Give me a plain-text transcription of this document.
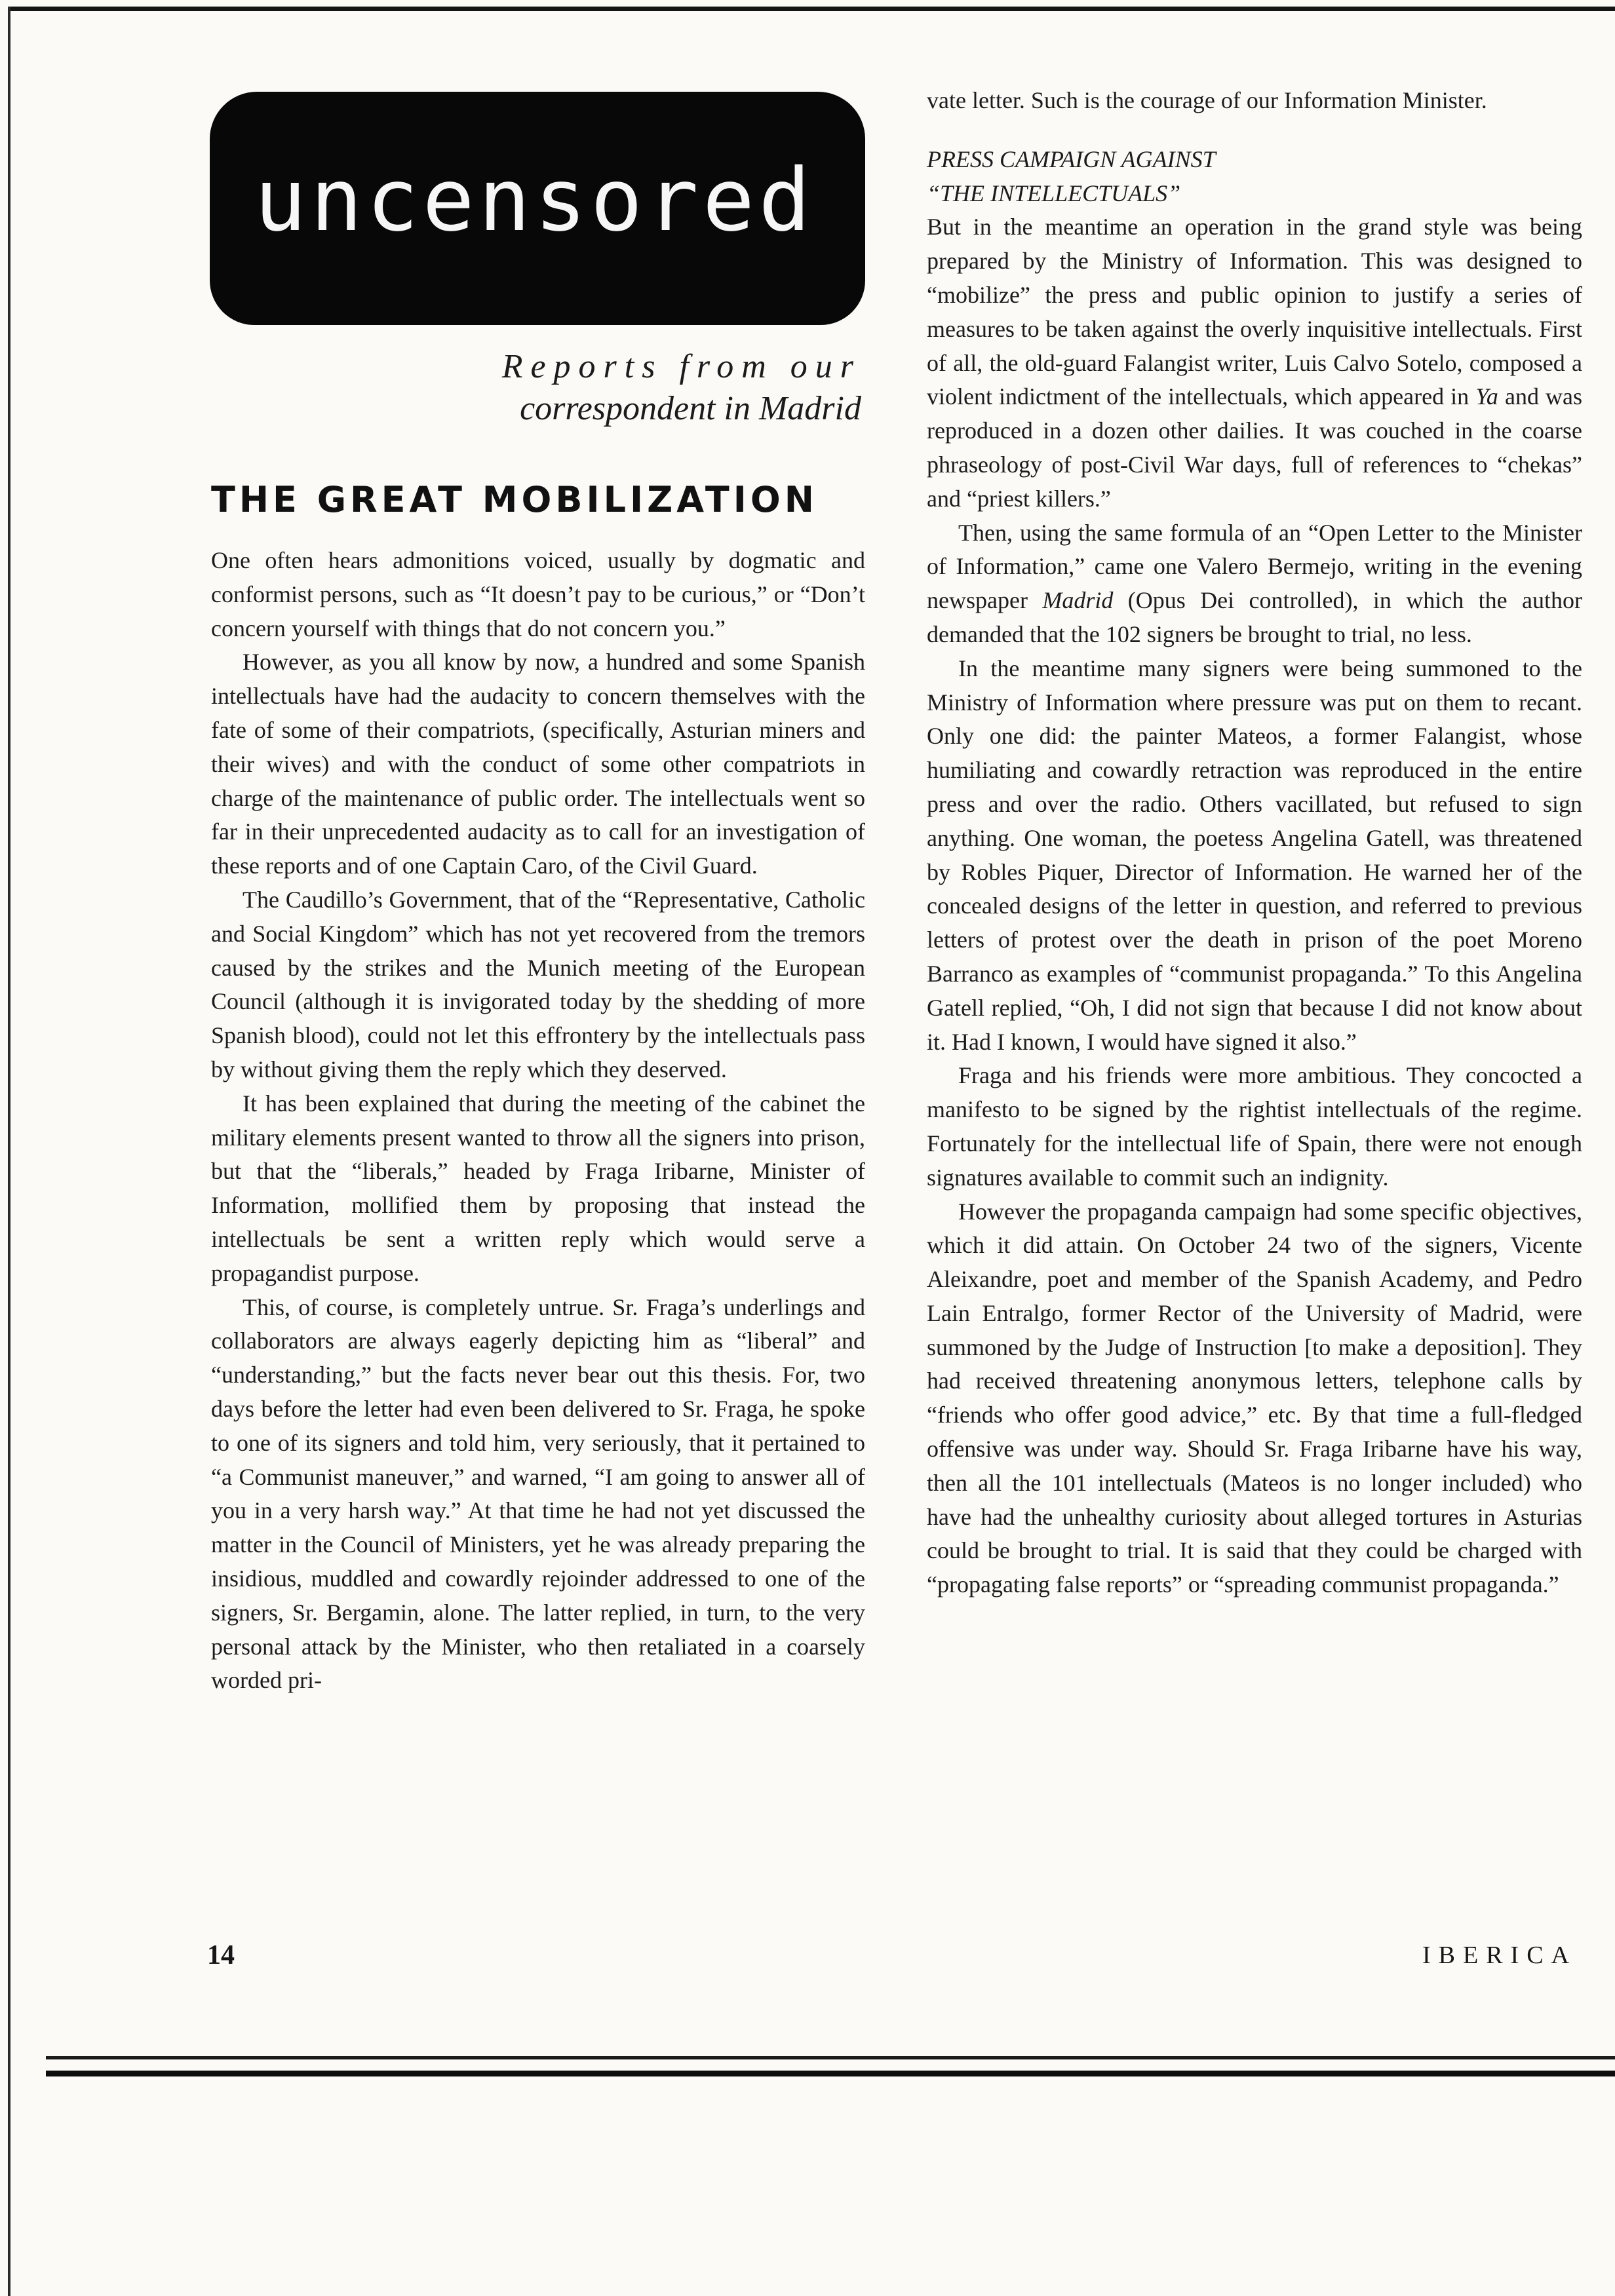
uncensored
Reports from our
correspondent in Madrid
THE GREAT MOBILIZATION

One often hears admonitions voiced, usually by dogmatic and conformist persons, such as “It doesn’t pay to be curious,” or “Don’t concern yourself with things that do not concern you.”

However, as you all know by now, a hundred and some Spanish intellectuals have had the audacity to concern themselves with the fate of some of their compatriots, (specifically, Asturian miners and their wives) and with the conduct of some other compatriots in charge of the maintenance of public order. The intellectuals went so far in their unprecedented audacity as to call for an investigation of these reports and of one Captain Caro, of the Civil Guard.

The Caudillo’s Government, that of the “Representative, Catholic and Social Kingdom” which has not yet recovered from the tremors caused by the strikes and the Munich meeting of the European Council (although it is invigorated today by the shedding of more Spanish blood), could not let this effrontery by the intellectuals pass by without giving them the reply which they deserved.

It has been explained that during the meeting of the cabinet the military elements present wanted to throw all the signers into prison, but that the “liberals,” headed by Fraga Iribarne, Minister of Information, mollified them by proposing that instead the intellectuals be sent a written reply which would serve a propagandist purpose.

This, of course, is completely untrue. Sr. Fraga’s underlings and collaborators are always eagerly depicting him as “liberal” and “understanding,” but the facts never bear out this thesis. For, two days before the letter had even been delivered to Sr. Fraga, he spoke to one of its signers and told him, very seriously, that it pertained to “a Communist maneuver,” and warned, “I am going to answer all of you in a very harsh way.” At that time he had not yet discussed the matter in the Council of Ministers, yet he was already preparing the insidious, muddled and cowardly rejoinder addressed to one of the signers, Sr. Bergamin, alone. The latter replied, in turn, to the very personal attack by the Minister, who then retaliated in a coarsely worded pri-

vate letter. Such is the courage of our Information Minister.

PRESS CAMPAIGN AGAINST
“THE INTELLECTUALS”

But in the meantime an operation in the grand style was being prepared by the Ministry of Information. This was designed to “mobilize” the press and public opinion to justify a series of measures to be taken against the overly inquisitive intellectuals. First of all, the old-guard Falangist writer, Luis Calvo Sotelo, composed a violent indictment of the intellectuals, which appeared in Ya and was reproduced in a dozen other dailies. It was couched in the coarse phraseology of post-Civil War days, full of references to “chekas” and “priest killers.”

Then, using the same formula of an “Open Letter to the Minister of Information,” came one Valero Bermejo, writing in the evening newspaper Madrid (Opus Dei controlled), in which the author demanded that the 102 signers be brought to trial, no less.

In the meantime many signers were being summoned to the Ministry of Information where pressure was put on them to recant. Only one did: the painter Mateos, a former Falangist, whose humiliating and cowardly retraction was reproduced in the entire press and over the radio. Others vacillated, but refused to sign anything. One woman, the poetess Angelina Gatell, was threatened by Robles Piquer, Director of Information. He warned her of the concealed designs of the letter in question, and referred to previous letters of protest over the death in prison of the poet Moreno Barranco as examples of “communist propaganda.” To this Angelina Gatell replied, “Oh, I did not sign that because I did not know about it. Had I known, I would have signed it also.”

Fraga and his friends were more ambitious. They concocted a manifesto to be signed by the rightist intellectuals of the regime. Fortunately for the intellectual life of Spain, there were not enough signatures available to commit such an indignity.

However the propaganda campaign had some specific objectives, which it did attain. On October 24 two of the signers, Vicente Aleixandre, poet and member of the Spanish Academy, and Pedro Lain Entralgo, former Rector of the University of Madrid, were summoned by the Judge of Instruction [to make a deposition]. They had received threatening anonymous letters, telephone calls by “friends who offer good advice,” etc. By that time a full-fledged offensive was under way. Should Sr. Fraga Iribarne have his way, then all the 101 intellectuals (Mateos is no longer included) who have had the unhealthy curiosity about alleged tortures in Asturias could be brought to trial. It is said that they could be charged with “propagating false reports” or “spreading communist propaganda.”

14	IBERICA
